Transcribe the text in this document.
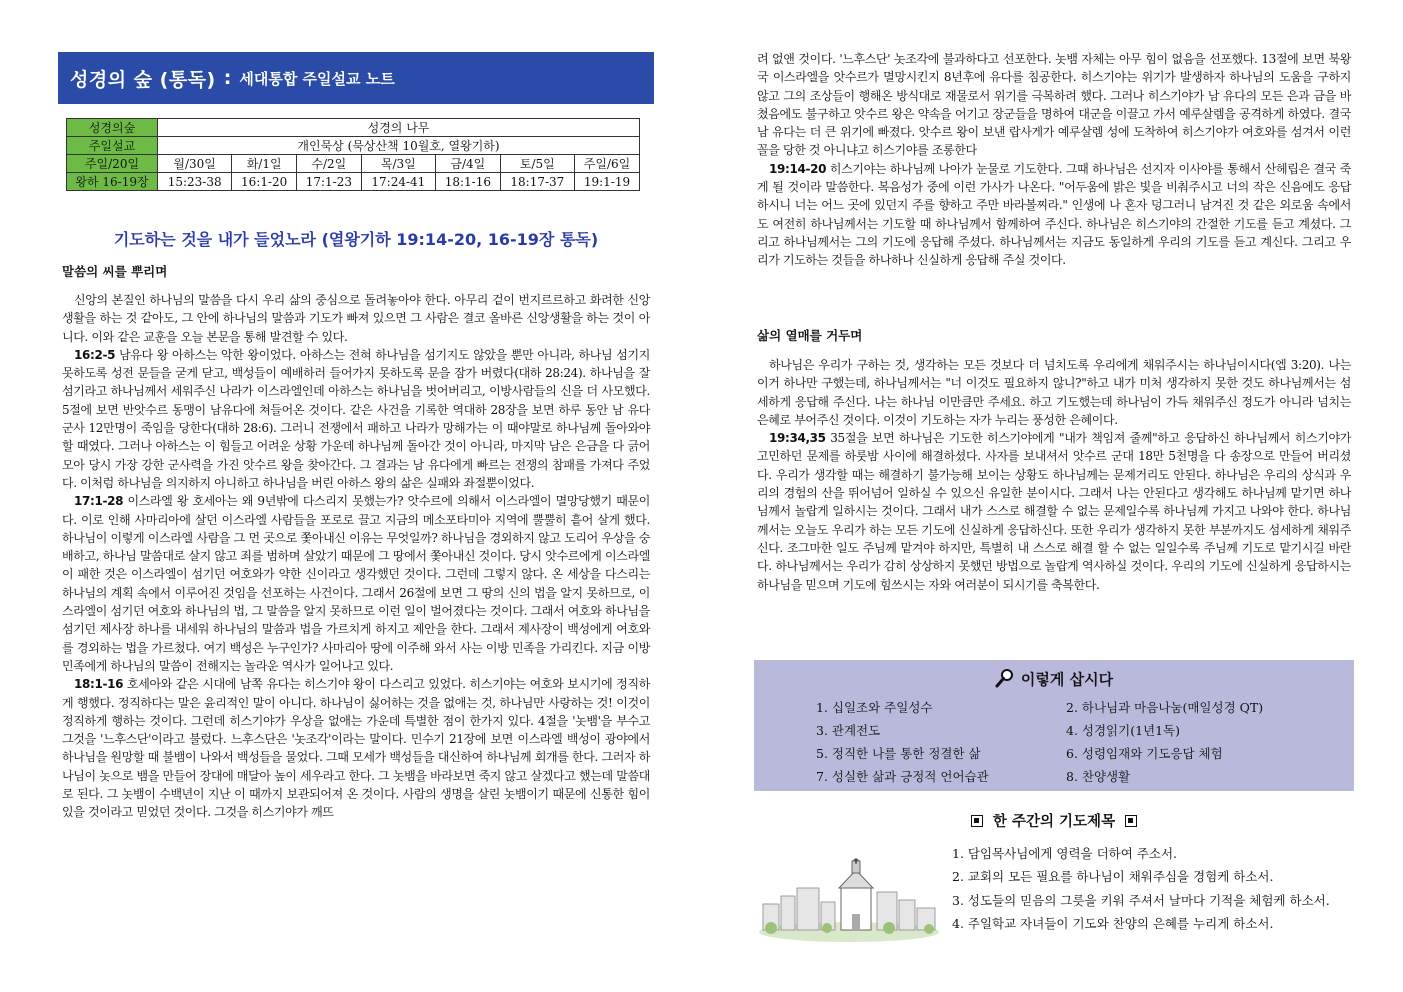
성경의 숲 (통독) : 세대통합 주일설교 노트
성경의숲	성경의 나무						
주일설교	개인묵상 (묵상산책 10월호, 열왕기하)						
주일/20일	월/30일	화/1일	수/2일	목/3일	금/4일	토/5일	주일/6일
왕하 16-19장	15:23-38	16:1-20	17:1-23	17:24-41	18:1-16	18:17-37	19:1-19
기도하는 것을 내가 들었노라 (열왕기하 19:14-20, 16-19장 통독)
말씀의 씨를 뿌리며

신앙의 본질인 하나님의 말씀을 다시 우리 삶의 중심으로 돌려놓아야 한다. 아무리 겉이 번지르르하고 화려한 신앙생활을 하는 것 같아도, 그 안에 하나님의 말씀과 기도가 빠져 있으면 그 사람은 결코 올바른 신앙생활을 하는 것이 아니다. 이와 같은 교훈을 오늘 본문을 통해 발견할 수 있다.

16:2-5 남유다 왕 아하스는 악한 왕이었다. 아하스는 전혀 하나님을 섬기지도 않았을 뿐만 아니라, 하나님 섬기지 못하도록 성전 문들을 굳게 닫고, 백성들이 예배하러 들어가지 못하도록 문을 잠가 버렸다(대하 28:24). 하나님을 잘 섬기라고 하나님께서 세워주신 나라가 이스라엘인데 아하스는 하나님을 벗어버리고, 이방사람들의 신을 더 사모했다. 5절에 보면 반앗수르 동맹이 남유다에 쳐들어온 것이다. 같은 사건을 기록한 역대하 28장을 보면 하루 동안 남 유다 군사 12만명이 죽임을 당한다(대하 28:6). 그러니 전쟁에서 패하고 나라가 망해가는 이 때야말로 하나님께 돌아와야 할 때였다. 그러나 아하스는 이 힘들고 어려운 상황 가운데 하나님께 돌아간 것이 아니라, 마지막 남은 은금을 다 긁어 모아 당시 가장 강한 군사력을 가진 앗수르 왕을 찾아간다. 그 결과는 남 유다에게 빠르는 전쟁의 참패를 가져다 주었다. 이처럼 하나님을 의지하지 아니하고 하나님을 버린 아하스 왕의 삶은 실패와 좌절뿐이었다.

17:1-28 이스라엘 왕 호세아는 왜 9년밖에 다스리지 못했는가? 앗수르에 의해서 이스라엘이 멸망당했기 때문이다. 이로 인해 사마리아에 살던 이스라엘 사람들을 포로로 끌고 지금의 메소포타미아 지역에 뿔뿔히 흩어 살게 했다. 하나님이 이렇게 이스라엘 사람을 그 먼 곳으로 쫓아내신 이유는 무엇일까? 하나님을 경외하지 않고 도리어 우상을 숭배하고, 하나님 말씀대로 살지 않고 죄를 범하며 살았기 때문에 그 땅에서 쫓아내신 것이다. 당시 앗수르에게 이스라엘이 패한 것은 이스라엘이 섬기던 여호와가 약한 신이라고 생각했던 것이다. 그런데 그렇지 않다. 온 세상을 다스리는 하나님의 계획 속에서 이루어진 것임을 선포하는 사건이다. 그래서 26절에 보면 그 땅의 신의 법을 알지 못하므로, 이스라엘이 섬기던 여호와 하나님의 법, 그 말씀을 알지 못하므로 이런 일이 벌어졌다는 것이다. 그래서 여호와 하나님을 섬기던 제사장 하나를 내세워 하나님의 말씀과 법을 가르치게 하지고 제안을 한다. 그래서 제사장이 백성에게 여호와를 경외하는 법을 가르쳤다. 여기 백성은 누구인가? 사마리아 땅에 이주해 와서 사는 이방 민족을 가리킨다. 지금 이방 민족에게 하나님의 말씀이 전해지는 놀라운 역사가 일어나고 있다.

18:1-16 호세아와 같은 시대에 남쪽 유다는 히스기야 왕이 다스리고 있었다. 히스기야는 여호와 보시기에 정직하게 행했다. 정직하다는 말은 윤리적인 말이 아니다. 하나님이 싫어하는 것을 없애는 것, 하나님만 사랑하는 것! 이것이 정직하게 행하는 것이다. 그런데 히스기야가 우상을 없애는 가운데 특별한 점이 한가지 있다. 4절을 '놋뱀'을 부수고 그것을 '느후스단'이라고 불렀다. 느후스단은 '놋조각'이라는 말이다. 민수기 21장에 보면 이스라엘 백성이 광야에서 하나님을 원망할 때 불뱀이 나와서 백성들을 물었다. 그때 모세가 백성들을 대신하여 하나님께 회개를 한다. 그러자 하나님이 놋으로 뱀을 만들어 장대에 매달아 높이 세우라고 한다. 그 놋뱀을 바라보면 죽지 않고 살겠다고 했는데 말씀대로 된다. 그 놋뱀이 수백년이 지난 이 때까지 보관되어져 온 것이다. 사람의 생명을 살린 놋뱀이기 때문에 신통한 힘이 있을 것이라고 믿었던 것이다. 그것을 히스기야가 깨뜨

려 없앤 것이다. '느후스단' 놋조각에 불과하다고 선포한다. 놋뱀 자체는 아무 힘이 없음을 선포했다. 13절에 보면 북왕국 이스라엘을 앗수르가 멸망시킨지 8년후에 유다를 침공한다. 히스기야는 위기가 발생하자 하나님의 도움을 구하지 않고 그의 조상들이 행해온 방식대로 재물로서 위기를 극복하려 했다. 그러나 히스기야가 남 유다의 모든 은과 금을 바쳤음에도 불구하고 앗수르 왕은 약속을 어기고 장군들을 명하여 대군을 이끌고 가서 예루살렘을 공격하게 하였다. 결국 남 유다는 더 큰 위기에 빠졌다. 앗수르 왕이 보낸 랍사게가 예루살렘 성에 도착하여 히스기야가 여호와를 섬겨서 이런 꼴을 당한 것 아니냐고 히스기야를 조롱한다

19:14-20 히스기야는 하나님께 나아가 눈물로 기도한다. 그때 하나님은 선지자 이사야를 통해서 산헤립은 결국 죽게 될 것이라 말씀한다. 복음성가 중에 이런 가사가 나온다. "어두움에 밝은 빛을 비춰주시고 너의 작은 신음에도 응답하시니 너는 어느 곳에 있던지 주를 향하고 주만 바라볼찌라." 인생에 나 혼자 덩그러니 남겨진 것 같은 외로움 속에서도 여전히 하나님께서는 기도할 때 하나님께서 함께하여 주신다. 하나님은 히스기야의 간절한 기도를 듣고 계셨다. 그리고 하나님께서는 그의 기도에 응답해 주셨다. 하나님께서는 지금도 동일하게 우리의 기도를 듣고 계신다. 그리고 우리가 기도하는 것들을 하나하나 신실하게 응답해 주실 것이다.

삶의 열매를 거두며

하나님은 우리가 구하는 것, 생각하는 모든 것보다 더 넘치도록 우리에게 채워주시는 하나님이시다(엡 3:20). 나는 이거 하나만 구했는데, 하나님께서는 "너 이것도 필요하지 않니?"하고 내가 미처 생각하지 못한 것도 하나님께서는 섬세하게 응답해 주신다. 나는 하나님 이만큼만 주세요. 하고 기도했는데 하나님이 가득 채워주신 정도가 아니라 넘치는 은혜로 부어주신 것이다. 이것이 기도하는 자가 누리는 풍성한 은혜이다.

19:34,35 35절을 보면 하나님은 기도한 히스기야에게 "내가 책임져 줄께"하고 응답하신 하나님께서 히스기야가 고민하던 문제를 하룻밤 사이에 해결하셨다. 사자를 보내셔서 앗수르 군대 18만 5천명을 다 송장으로 만들어 버리셨다. 우리가 생각할 때는 해결하기 불가능해 보이는 상황도 하나님께는 문제거리도 안된다. 하나님은 우리의 상식과 우리의 경험의 산을 뛰어넘어 일하실 수 있으신 유일한 분이시다. 그래서 나는 안된다고 생각해도 하나님께 맡기면 하나님께서 놀랍게 일하시는 것이다. 그래서 내가 스스로 해결할 수 없는 문제일수록 하나님께 가지고 나와야 한다. 하나님께서는 오늘도 우리가 하는 모든 기도에 신실하게 응답하신다. 또한 우리가 생각하지 못한 부분까지도 섬세하게 채워주신다. 조그마한 일도 주님께 맡겨야 하지만, 특별히 내 스스로 해결 할 수 없는 일일수록 주님께 기도로 맡기시길 바란다. 하나님께서는 우리가 감히 상상하지 못했던 방법으로 놀랍게 역사하실 것이다. 우리의 기도에 신실하게 응답하시는 하나님을 믿으며 기도에 힘쓰시는 자와 여러분이 되시기를 축복한다.

이렇게 삽시다
1. 십일조와 주일성수	2. 하나님과 마음나눔(매일성경 QT)
3. 관계전도	4. 성경읽기(1년1독)
5. 정직한 나를 통한 정결한 삶	6. 성령임재와 기도응답 체험
7. 성실한 삶과 긍정적 언어습관	8. 찬양생활
한 주간의 기도제목
1. 담임목사님에게 영력을 더하여 주소서.
2. 교회의 모든 필요를 하나님이 채워주심을 경험케 하소서.
3. 성도들의 믿음의 그릇을 키워 주셔서 날마다 기적을 체험케 하소서.
4. 주일학교 자녀들이 기도와 찬양의 은혜를 누리게 하소서.
